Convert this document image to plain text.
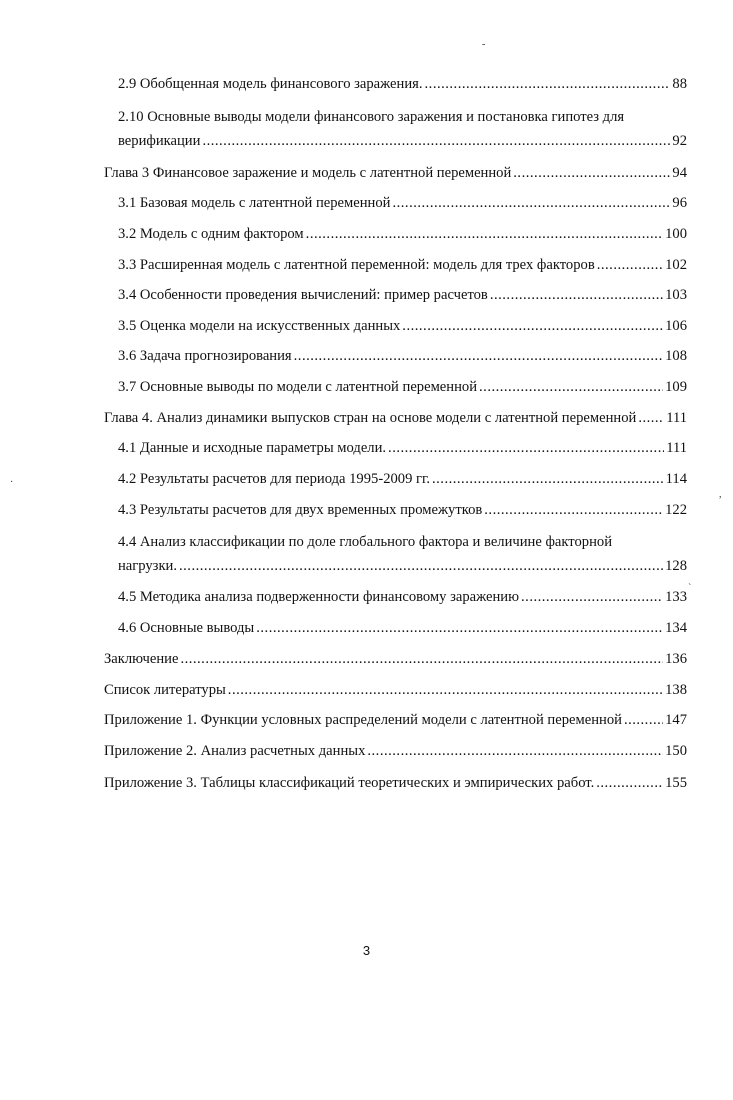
2.9 Обобщенная модель финансового заражения. .....	88
2.10 Основные выводы модели финансового заражения и постановка гипотез для
верификации .....	92
Глава 3 Финансовое заражение и модель с латентной переменной .....	94
3.1 Базовая модель с латентной переменной .....	96
3.2 Модель с одним фактором .....	100
3.3 Расширенная модель с латентной переменной: модель для трех факторов .....	102
3.4 Особенности проведения вычислений: пример расчетов .....	103
3.5 Оценка модели на искусственных данных .....	106
3.6 Задача прогнозирования .....	108
3.7 Основные выводы по модели с латентной переменной .....	109
Глава 4. Анализ динамики выпусков стран на основе модели с латентной переменной ..... 111
4.1 Данные и исходные параметры модели. .....	111
4.2 Результаты расчетов для периода 1995-2009 гг. .....	114
4.3 Результаты расчетов для двух временных промежутков .....	122
4.4 Анализ классификации по доле глобального фактора и величине факторной
нагрузки. .....	128
4.5 Методика анализа подверженности финансовому заражению .....	133
4.6 Основные выводы .....	134
Заключение .....	136
Список литературы .....	138
Приложение 1. Функции условных распределений модели с латентной переменной .....	147
Приложение 2. Анализ расчетных данных .....	150
Приложение 3. Таблицы классификаций теоретических и эмпирических работ. .....	155
-
·
,
`
3
